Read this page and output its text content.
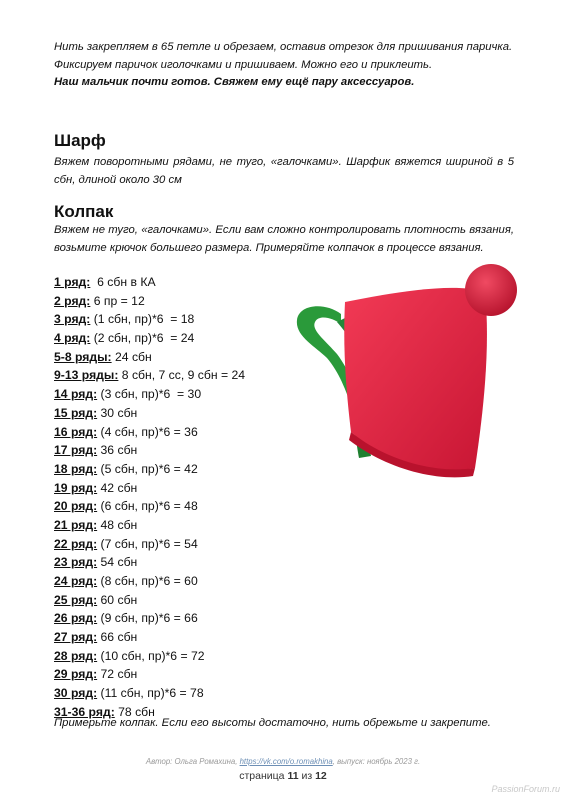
Нить закрепляем в 65 петле и обрезаем, оставив отрезок для пришивания паричка.

Фиксируем паричок иголочками и пришиваем. Можно его и приклеить.

Наш мальчик почти готов. Свяжем ему ещё пару аксессуаров.

Шарф

Вяжем поворотными рядами, не туго, «галочками». Шарфик вяжется шириной в 5 сбн, длиной около 30 см

Колпак

Вяжем не туго, «галочками». Если вам сложно контролировать плотность вязания, возьмите крючок большего размера. Примеряйте колпачок в процессе вязания.

1 ряд:  6 сбн в КА
2 ряд: 6 пр = 12
3 ряд: (1 сбн, пр)*6  = 18
4 ряд: (2 сбн, пр)*6  = 24
5-8 ряды: 24 сбн
9-13 ряды: 8 сбн, 7 сс, 9 сбн = 24
14 ряд: (3 сбн, пр)*6  = 30
15 ряд: 30 сбн
16 ряд: (4 сбн, пр)*6 = 36
17 ряд: 36 сбн
18 ряд: (5 сбн, пр)*6 = 42
19 ряд: 42 сбн
20 ряд: (6 сбн, пр)*6 = 48
21 ряд: 48 сбн
22 ряд: (7 сбн, пр)*6 = 54
23 ряд: 54 сбн
24 ряд: (8 сбн, пр)*6 = 60
25 ряд: 60 сбн
26 ряд: (9 сбн, пр)*6 = 66
27 ряд: 66 сбн
28 ряд: (10 сбн, пр)*6 = 72
29 ряд: 72 сбн
30 ряд: (11 сбн, пр)*6 = 78
31-36 ряд: 78 сбн

Примерьте колпак. Если его высоты достаточно, нить обрежьте и закрепите.

Автор: Ольга Ромахина, https://vk.com/o.romakhina, выпуск: ноябрь 2023 г.
страница 11 из 12
PassionForum.ru
